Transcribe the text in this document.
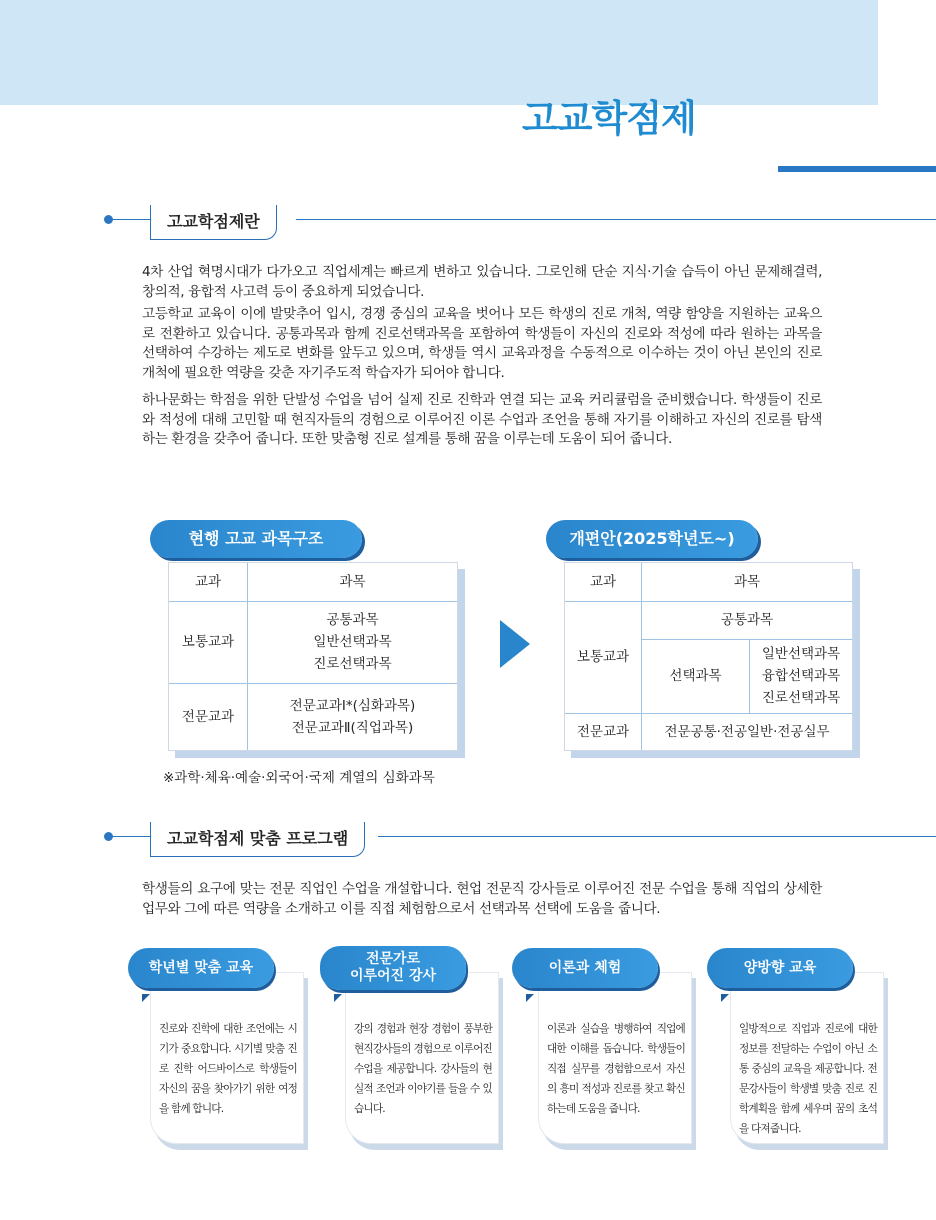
고교학점제
고교학점제란

4차 산업 혁명시대가 다가오고 직업세계는 빠르게 변하고 있습니다. 그로인해 단순 지식·기술 습득이 아닌 문제해결력, 창의적, 융합적 사고력 등이 중요하게 되었습니다.

고등학교 교육이 이에 발맞추어 입시, 경쟁 중심의 교육을 벗어나 모든 학생의 진로 개척, 역량 함양을 지원하는 교육으로 전환하고 있습니다. 공통과목과 함께 진로선택과목을 포함하여 학생들이 자신의 진로와 적성에 따라 원하는 과목을 선택하여 수강하는 제도로 변화를 앞두고 있으며, 학생들 역시 교육과정을 수동적으로 이수하는 것이 아닌 본인의 진로 개척에 필요한 역량을 갖춘 자기주도적 학습자가 되어야 합니다.

하나문화는 학점을 위한 단발성 수업을 넘어 실제 진로 진학과 연결 되는 교육 커리큘럼을 준비했습니다. 학생들이 진로와 적성에 대해 고민할 때 현직자들의 경험으로 이루어진 이론 수업과 조언을 통해 자기를 이해하고 자신의 진로를 탐색하는 환경을 갖추어 줍니다. 또한 맞춤형 진로 설계를 통해 꿈을 이루는데 도움이 되어 줍니다.

교과	과목
보통교과	공통과목
일반선택과목
진로선택과목

전문교과	전문교과Ⅰ*(심화과목)
전문교과Ⅱ(직업과목)
현행 고교 과목구조
교과	과목	
보통교과	공통과목	
	선택과목	일반선택과목
융합선택과목
진로선택과목

전문교과	전문공통·전공일반·전공실무	
개편안(2025학년도~)
※과학·체육·예술·외국어·국제 계열의 심화과목
고교학점제 맞춤 프로그램

학생들의 요구에 맞는 전문 직업인 수업을 개설합니다. 현업 전문직 강사들로 이루어진 전문 수업을 통해 직업의 상세한 업무와 그에 따른 역량을 소개하고 이를 직접 체험함으로서 선택과목 선택에 도움을 줍니다.

진로와 진학에 대한 조언에는 시기가 중요합니다. 시기별 맞춤 진로 진학 어드바이스로 학생들이 자신의 꿈을 찾아가기 위한 여정을 함께 합니다.

학년별 맞춤 교육

강의 경험과 현장 경험이 풍부한 현직강사들의 경험으로 이루어진 수업을 제공합니다. 강사들의 현실적 조언과 이야기를 들을 수 있습니다.

전문가로
이루어진 강사

이론과 실습을 병행하여 직업에 대한 이해를 돕습니다. 학생들이 직접 실무를 경험함으로서 자신의 흥미 적성과 진로를 찾고 확신하는데 도움을 줍니다.

이론과 체험

일방적으로 직업과 진로에 대한 정보를 전달하는 수업이 아닌 소통 중심의 교육을 제공합니다. 전문강사들이 학생별 맞춤 진로 진학계획을 함께 세우며 꿈의 초석을 다져줍니다.

양방향 교육
